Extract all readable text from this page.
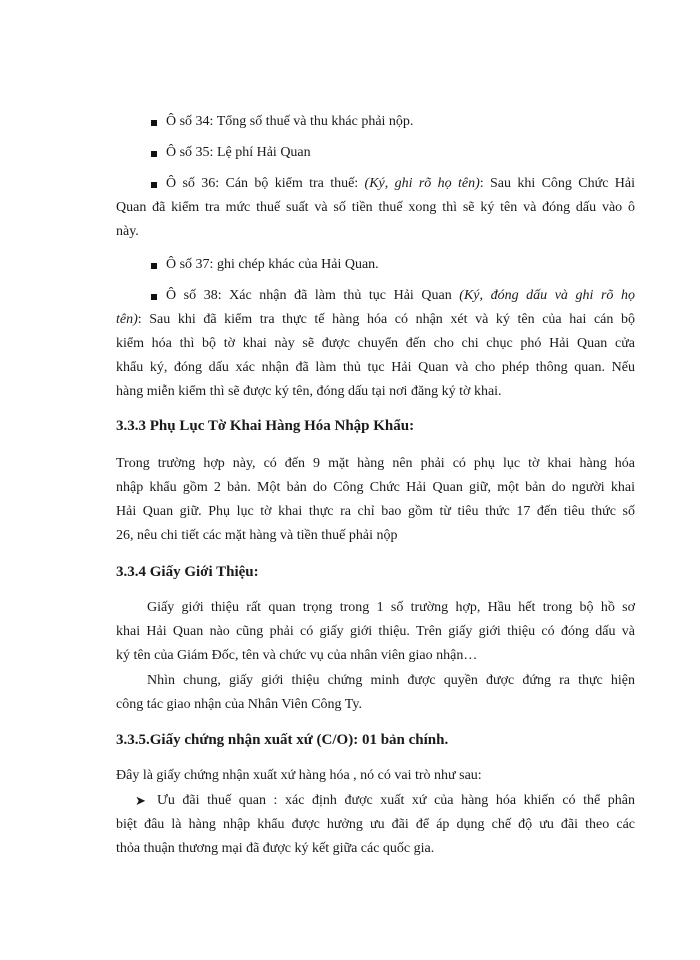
Ô số 34: Tổng số thuế và thu khác phải nộp.
Ô số 35: Lệ phí Hải Quan
Ô số 36: Cán bộ kiểm tra thuế: (Ký, ghi rõ họ tên): Sau khi Công Chức Hải
Quan đã kiểm tra mức thuế suất và số tiền thuế xong thì sẽ ký tên và đóng dấu vào ô
này.
Ô số 37: ghi chép khác của Hải Quan.
Ô số 38: Xác nhận đã làm thủ tục Hải Quan (Ký, đóng dấu và ghi rõ họ
tên): Sau khi đã kiểm tra thực tế hàng hóa có nhận xét và ký tên của hai cán bộ
kiểm hóa thì bộ tờ khai này sẽ được chuyển đến cho chi chục phó Hải Quan cửa
khẩu ký, đóng dấu xác nhận đã làm thủ tục Hải Quan và cho phép thông quan. Nếu
hàng miễn kiểm thì sẽ được ký tên, đóng dấu tại nơi đăng ký tờ khai.
3.3.3 Phụ Lục Tờ Khai Hàng Hóa Nhập Khẩu:
Trong trường hợp này, có đến 9 mặt hàng nên phải có phụ lục tờ khai hàng hóa
nhập khẩu gồm 2 bản. Một bản do Công Chức Hải Quan giữ, một bản do người khai
Hải Quan giữ. Phụ lục tờ khai thực ra chỉ bao gồm từ tiêu thức 17 đến tiêu thức số
26, nêu chi tiết các mặt hàng và tiền thuế phải nộp
3.3.4 Giấy Giới Thiệu:
Giấy giới thiệu rất quan trọng trong 1 số trường hợp, Hầu hết trong bộ hồ sơ
khai Hải Quan nào cũng phải có giấy giới thiệu. Trên giấy giới thiệu có đóng dấu và
ký tên của Giám Đốc, tên và chức vụ của nhân viên giao nhận…
Nhìn chung, giấy giới thiệu chứng minh được quyền được đứng ra thực hiện
công tác giao nhận của Nhân Viên Công Ty.
3.3.5.Giấy chứng nhận xuất xứ (C/O): 01 bản chính.
Đây là giấy chứng nhận xuất xứ hàng hóa , nó có vai trò như sau:
➤ Ưu đãi thuế quan : xác định được xuất xứ của hàng hóa khiến có thể phân
biệt đâu là hàng nhập khẩu được hưởng ưu đãi để áp dụng chế độ ưu đãi theo các
thỏa thuận thương mại đã được ký kết giữa các quốc gia.
